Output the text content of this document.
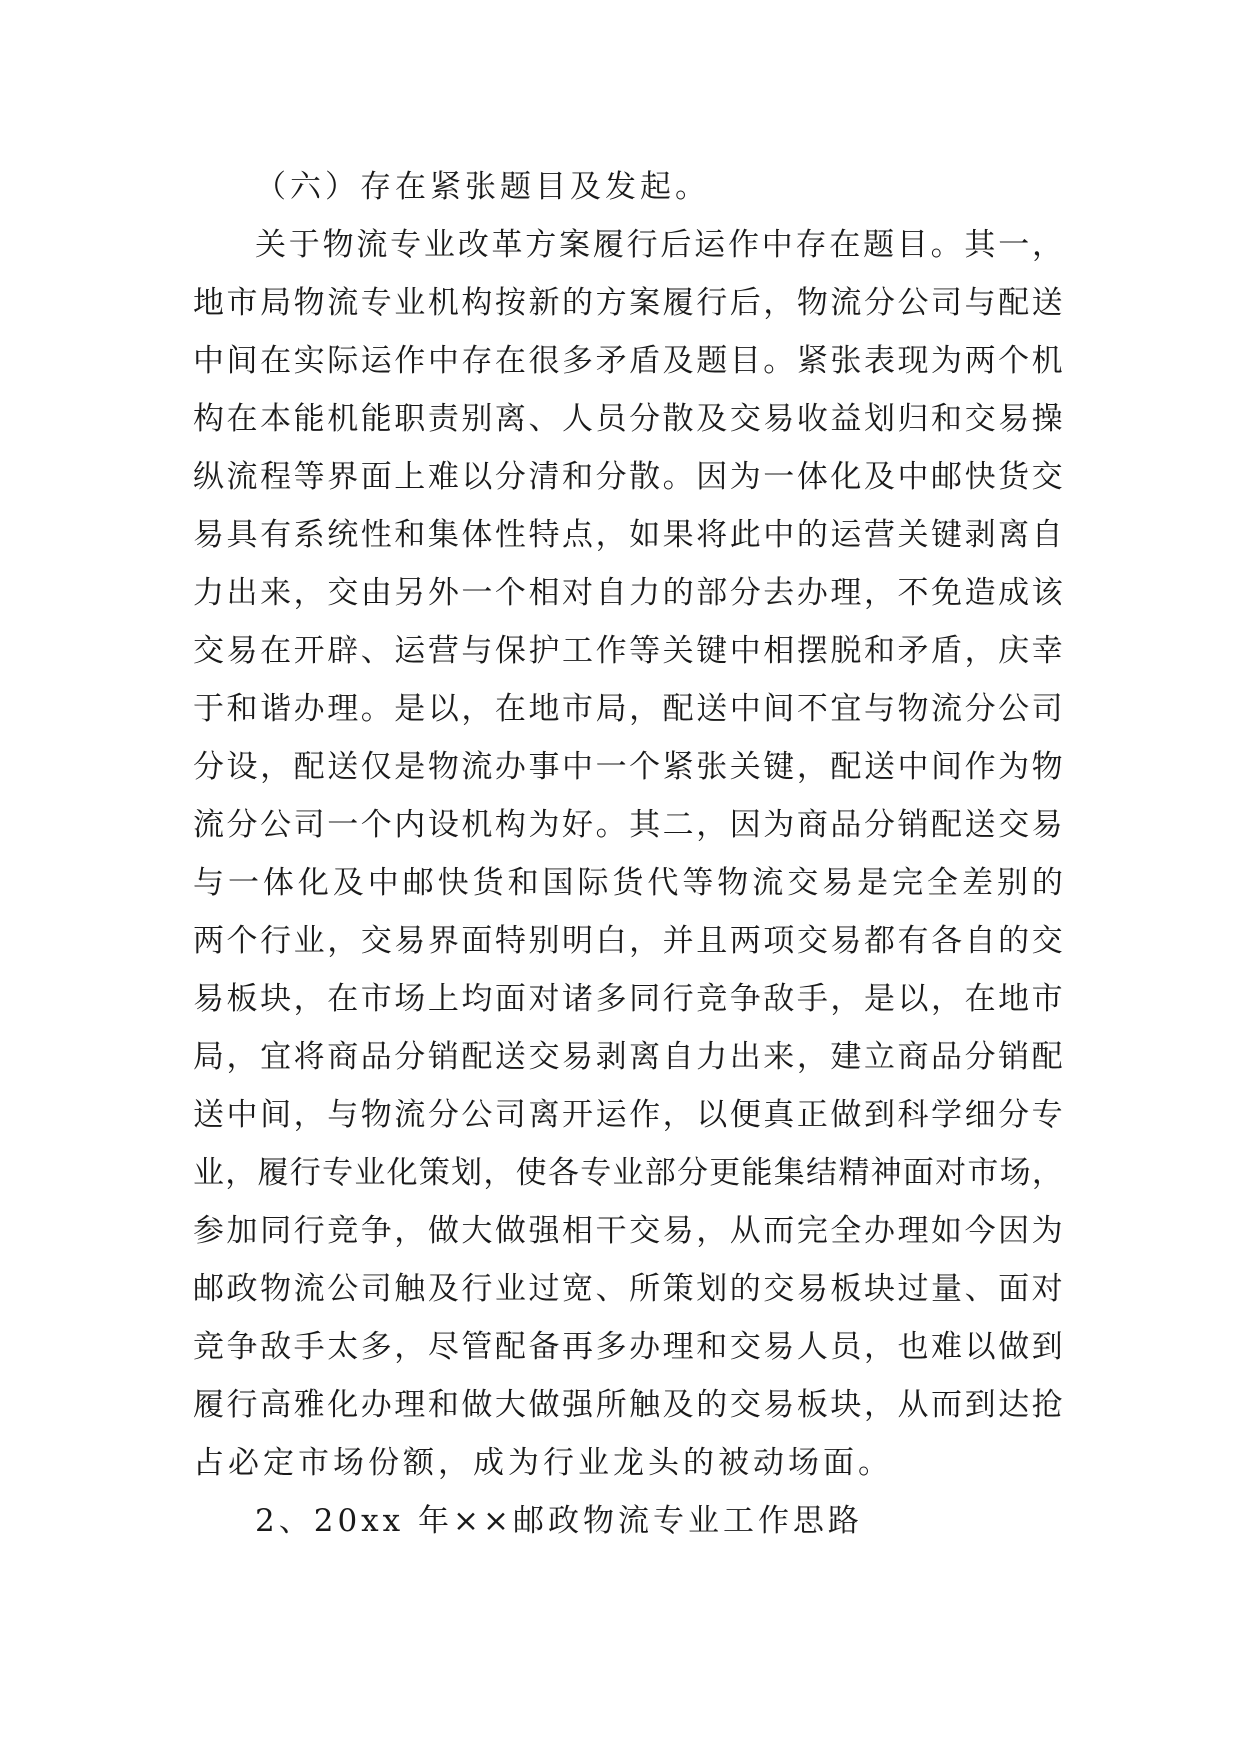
（六）存在紧张题目及发起。
关 于 物 流 专 业 改 革 方 案 履 行 后 运 作 中 存 在 题 目 。 其 一 ，
地 市 局 物 流 专 业 机 构 按 新 的 方 案 履 行 后 ， 物 流 分 公 司 与 配 送
中 间 在 实 际 运 作 中 存 在 很 多 矛 盾 及 题 目 。 紧 张 表 现 为 两 个 机
构 在 本 能 机 能 职 责 别 离 、 人 员 分 散 及 交 易 收 益 划 归 和 交 易 操
纵 流 程 等 界 面 上 难 以 分 清 和 分 散 。 因 为 一 体 化 及 中 邮 快 货 交
易 具 有 系 统 性 和 集 体 性 特 点 ， 如 果 将 此 中 的 运 营 关 键 剥 离 自
力 出 来 ， 交 由 另 外 一 个 相 对 自 力 的 部 分 去 办 理 ， 不 免 造 成 该
交 易 在 开 辟 、 运 营 与 保 护 工 作 等 关 键 中 相 摆 脱 和 矛 盾 ， 庆 幸
于 和 谐 办 理 。 是 以 ， 在 地 市 局 ， 配 送 中 间 不 宜 与 物 流 分 公 司
分 设 ， 配 送 仅 是 物 流 办 事 中 一 个 紧 张 关 键 ， 配 送 中 间 作 为 物
流 分 公 司 一 个 内 设 机 构 为 好 。 其 二 ， 因 为 商 品 分 销 配 送 交 易
与 一 体 化 及 中 邮 快 货 和 国 际 货 代 等 物 流 交 易 是 完 全 差 别 的
两 个 行 业 ， 交 易 界 面 特 别 明 白 ， 并 且 两 项 交 易 都 有 各 自 的 交
易 板 块 ， 在 市 场 上 均 面 对 诸 多 同 行 竞 争 敌 手 ， 是 以 ， 在 地 市
局 ， 宜 将 商 品 分 销 配 送 交 易 剥 离 自 力 出 来 ， 建 立 商 品 分 销 配
送 中 间 ， 与 物 流 分 公 司 离 开 运 作 ， 以 便 真 正 做 到 科 学 细 分 专
业 ， 履 行 专 业 化 策 划 ， 使 各 专 业 部 分 更 能 集 结 精 神 面 对 市 场 ，
参 加 同 行 竞 争 ， 做 大 做 强 相 干 交 易 ， 从 而 完 全 办 理 如 今 因 为
邮 政 物 流 公 司 触 及 行 业 过 宽 、 所 策 划 的 交 易 板 块 过 量 、 面 对
竞 争 敌 手 太 多 ， 尽 管 配 备 再 多 办 理 和 交 易 人 员 ， 也 难 以 做 到
履 行 高 雅 化 办 理 和 做 大 做 强 所 触 及 的 交 易 板 块 ， 从 而 到 达 抢
占必定市场份额，成为行业龙头的被动场面。
2、20xx 年××邮政物流专业工作思路
